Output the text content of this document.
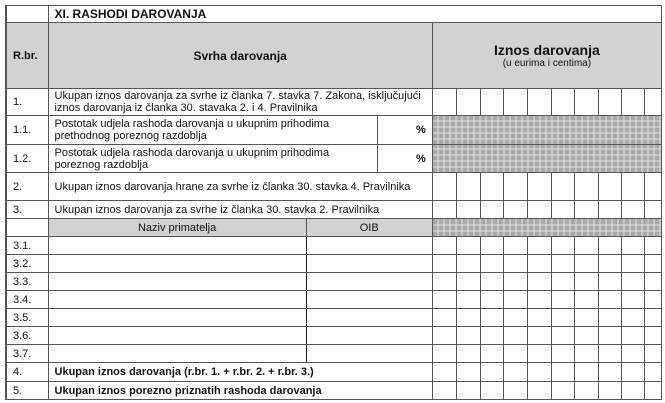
	XI. RASHODI DAROVANJA												
R.br.	Svrha darovanja			Iznos darovanja
(u eurima i centima)									

1.	Ukupan iznos darovanja za svrhe iz članka 7. stavka 7. Zakona, isključujući iznos darovanja iz članka 30. stavaka 2. i 4. Pravilnika												
1.1.	Postotak udjela rashoda darovanja u ukupnim prihodima prethodnog poreznog razdoblja		%										
1.2.	Postotak udjela rashoda darovanja u ukupnim prihodima poreznog razdoblja		%										
2.	Ukupan iznos darovanja hrane za svrhe iz članka 30. stavka 4. Pravilnika												
3.	Ukupan iznos darovanja za svrhe iz članka 30. stavka 2. Pravilnika												
	Naziv primatelja	OIB											
3.1.													
3.2.													
3.3.													
3.4.													
3.5.													
3.6.													
3.7.													
4.	Ukupan iznos darovanja (r.br. 1. + r.br. 2. + r.br. 3.)												
5.	Ukupan iznos porezno priznatih rashoda darovanja												
